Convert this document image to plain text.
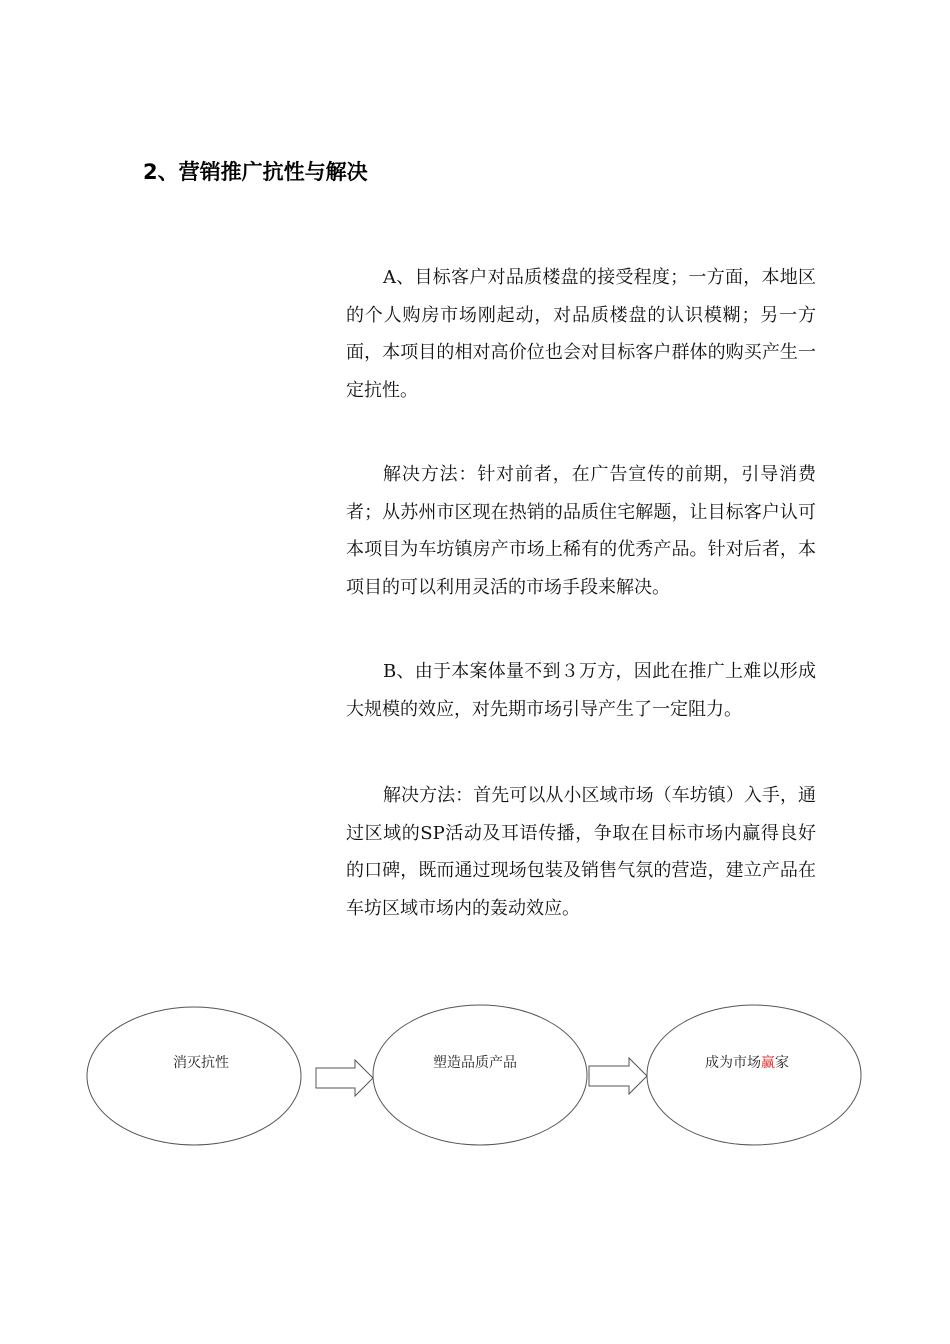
2、营销推广抗性与解决

A、目标客户对品质楼盘的接受程度；一方面，本地区的个人购房市场刚起动，对品质楼盘的认识模糊；另一方面，本项目的相对高价位也会对目标客户群体的购买产生一定抗性。

解决方法：针对前者，在广告宣传的前期，引导消费者；从苏州市区现在热销的品质住宅解题，让目标客户认可本项目为车坊镇房产市场上稀有的优秀产品。针对后者，本项目的可以利用灵活的市场手段来解决。

B、由于本案体量不到３万方，因此在推广上难以形成大规模的效应，对先期市场引导产生了一定阻力。

解决方法：首先可以从小区域市场（车坊镇）入手，通过区域的SP活动及耳语传播，争取在目标市场内赢得良好的口碑，既而通过现场包装及销售气氛的营造，建立产品在车坊区域市场内的轰动效应。

消灭抗性	塑造品质产品	成为市场赢家
